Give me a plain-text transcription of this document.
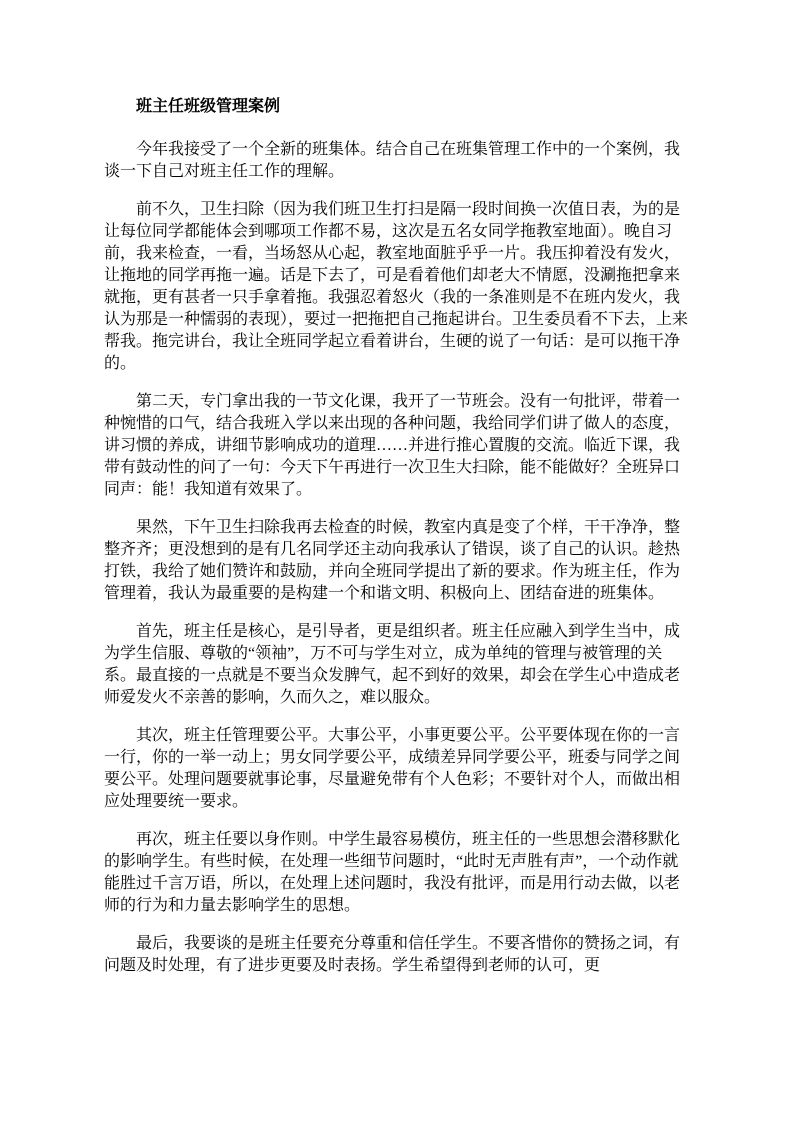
班主任班级管理案例

今年我接受了一个全新的班集体。结合自己在班集管理工作中的一个案例，我谈一下自己对班主任工作的理解。

前不久，卫生扫除（因为我们班卫生打扫是隔一段时间换一次值日表，为的是让每位同学都能体会到哪项工作都不易，这次是五名女同学拖教室地面）。晚自习前，我来检查，一看，当场怒从心起，教室地面脏乎乎一片。我压抑着没有发火，让拖地的同学再拖一遍。话是下去了，可是看着他们却老大不情愿，没涮拖把拿来就拖，更有甚者一只手拿着拖。我强忍着怒火（我的一条准则是不在班内发火，我认为那是一种懦弱的表现），要过一把拖把自己拖起讲台。卫生委员看不下去，上来帮我。拖完讲台，我让全班同学起立看着讲台，生硬的说了一句话：是可以拖干净的。

第二天，专门拿出我的一节文化课，我开了一节班会。没有一句批评，带着一种惋惜的口气，结合我班入学以来出现的各种问题，我给同学们讲了做人的态度，讲习惯的养成，讲细节影响成功的道理……并进行推心置腹的交流。临近下课，我带有鼓动性的问了一句：今天下午再进行一次卫生大扫除，能不能做好？全班异口同声：能！我知道有效果了。

果然，下午卫生扫除我再去检查的时候，教室内真是变了个样，干干净净，整整齐齐；更没想到的是有几名同学还主动向我承认了错误，谈了自己的认识。趁热打铁，我给了她们赞许和鼓励，并向全班同学提出了新的要求。作为班主任，作为管理着，我认为最重要的是构建一个和谐文明、积极向上、团结奋进的班集体。

首先，班主任是核心，是引导者，更是组织者。班主任应融入到学生当中，成为学生信服、尊敬的“领袖”，万不可与学生对立，成为单纯的管理与被管理的关系。最直接的一点就是不要当众发脾气，起不到好的效果，却会在学生心中造成老师爱发火不亲善的影响，久而久之，难以服众。

其次，班主任管理要公平。大事公平，小事更要公平。公平要体现在你的一言一行，你的一举一动上；男女同学要公平，成绩差异同学要公平，班委与同学之间要公平。处理问题要就事论事，尽量避免带有个人色彩；不要针对个人，而做出相应处理要统一要求。

再次，班主任要以身作则。中学生最容易模仿，班主任的一些思想会潜移默化的影响学生。有些时候，在处理一些细节问题时，“此时无声胜有声”，一个动作就能胜过千言万语，所以，在处理上述问题时，我没有批评，而是用行动去做，以老师的行为和力量去影响学生的思想。

最后，我要谈的是班主任要充分尊重和信任学生。不要吝惜你的赞扬之词，有问题及时处理，有了进步更要及时表扬。学生希望得到老师的认可，更
